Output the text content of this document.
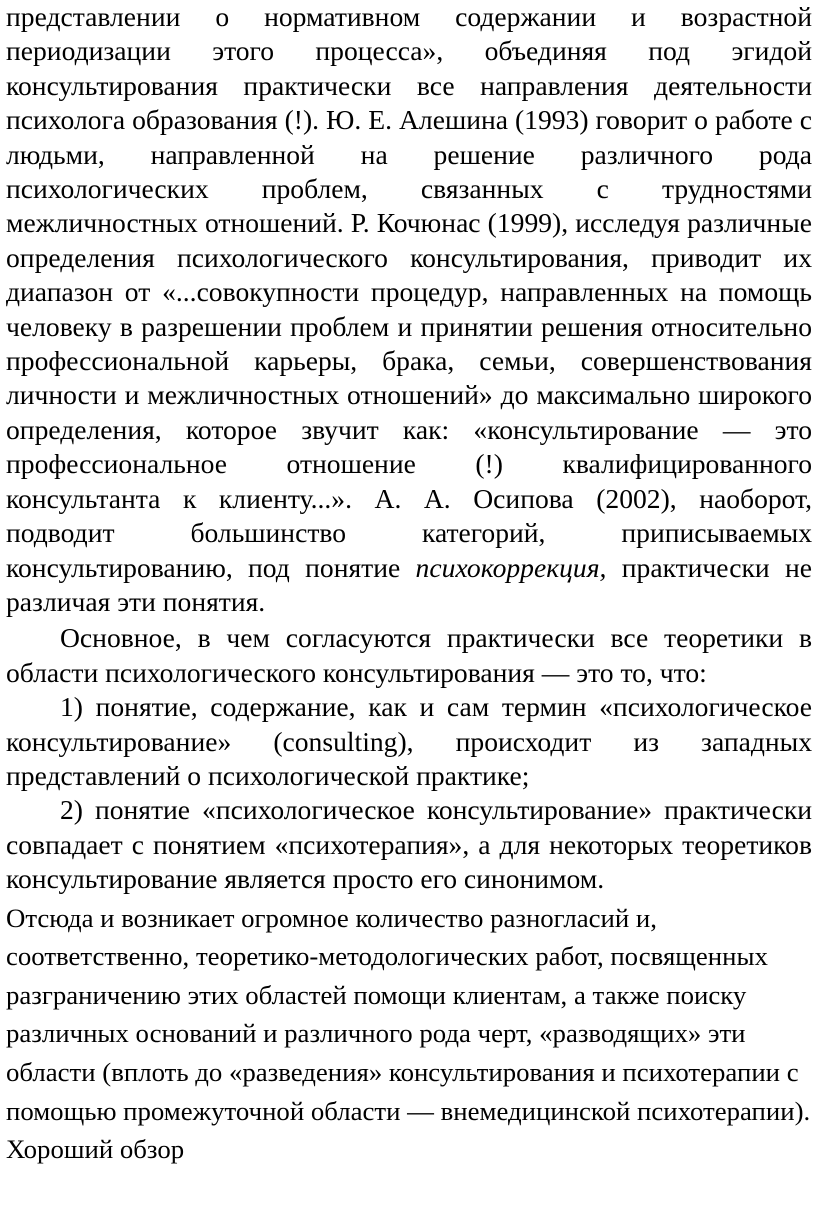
представлении о нормативном содержании и возрастной периодизации этого процесса», объединяя под эгидой консультирования практически все направления деятельности психолога образования (!). Ю. Е. Алешина (1993) говорит о работе с людьми, направленной на решение различного рода психологических проблем, связанных с трудностями межличностных отношений. Р. Кочюнас (1999), исследуя различные определения психологического консультирования, приводит их диапазон от «...совокупности процедур, направленных на помощь человеку в разрешении проблем и принятии решения относительно профессиональной карьеры, брака, семьи, совершенствования личности и межличностных отношений» до максимально широкого определения, которое звучит как: «консультирование — это профессиональное отношение (!) квалифицированного консультанта к клиенту...». А. А. Осипова (2002), наоборот, подводит большинство категорий, приписываемых консультированию, под понятие психокоррекция, практически не различая эти понятия.

Основное, в чем согласуются практически все теоретики в области психологического консультирования — это то, что:

1) понятие, содержание, как и сам термин «психологическое консультирование» (consulting), происходит из западных представлений о психологической практике;

2) понятие «психологическое консультирование» практически совпадает с понятием «психотерапия», а для некоторых теоретиков консультирование является просто его синонимом.

Отсюда и возникает огромное количество разногласий и, соответственно, теоретико-методологических работ, посвященных разграничению этих областей помощи клиентам, а также поиску различных оснований и различного рода черт, «разводящих» эти области (вплоть до «разведения» консультирования и психотерапии с помощью промежуточной области — внемедицинской психотерапии). Хороший обзор
